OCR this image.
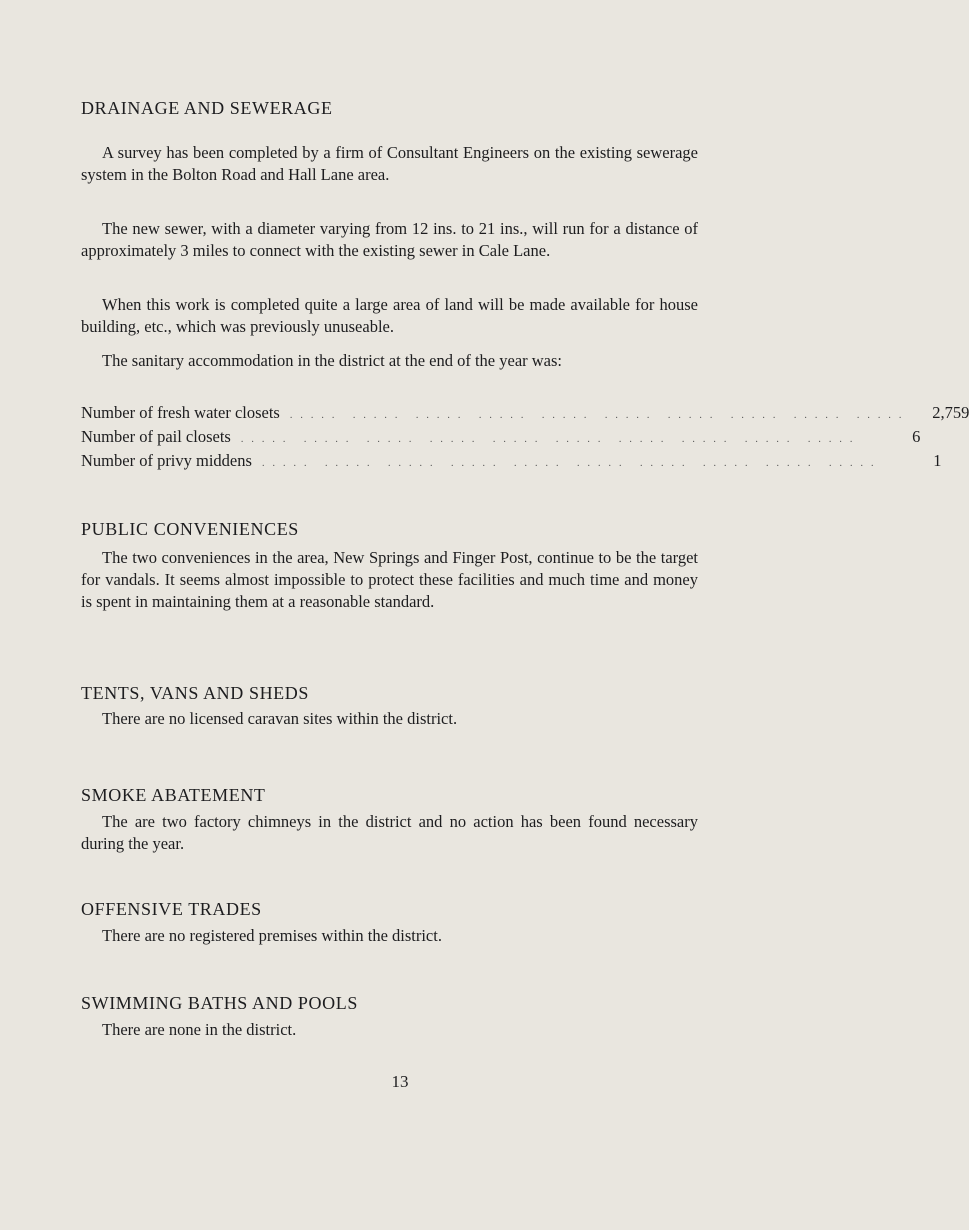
DRAINAGE AND SEWERAGE

A survey has been completed by a firm of Consultant Engineers on the existing sewerage system in the Bolton Road and Hall Lane area.

The new sewer, with a diameter varying from 12 ins. to 21 ins., will run for a distance of approximately 3 miles to connect with the existing sewer in Cale Lane.

When this work is completed quite a large area of land will be made available for house building, etc., which was previously unuseable.

The sanitary accommodation in the district at the end of the year was:

Number of fresh water closets	..... ..... ..... ..... ..... ..... ..... ..... ..... .....	2,759
Number of pail closets	..... ..... ..... ..... ..... ..... ..... ..... ..... .....	6
Number of privy middens	..... ..... ..... ..... ..... ..... ..... ..... ..... .....	1
PUBLIC CONVENIENCES

The two conveniences in the area, New Springs and Finger Post, continue to be the target for vandals. It seems almost impossible to protect these facilities and much time and money is spent in maintaining them at a reasonable standard.

TENTS, VANS AND SHEDS

There are no licensed caravan sites within the district.

SMOKE ABATEMENT

The are two factory chimneys in the district and no action has been found necessary during the year.

OFFENSIVE TRADES

There are no registered premises within the district.

SWIMMING BATHS AND POOLS

There are none in the district.

13
